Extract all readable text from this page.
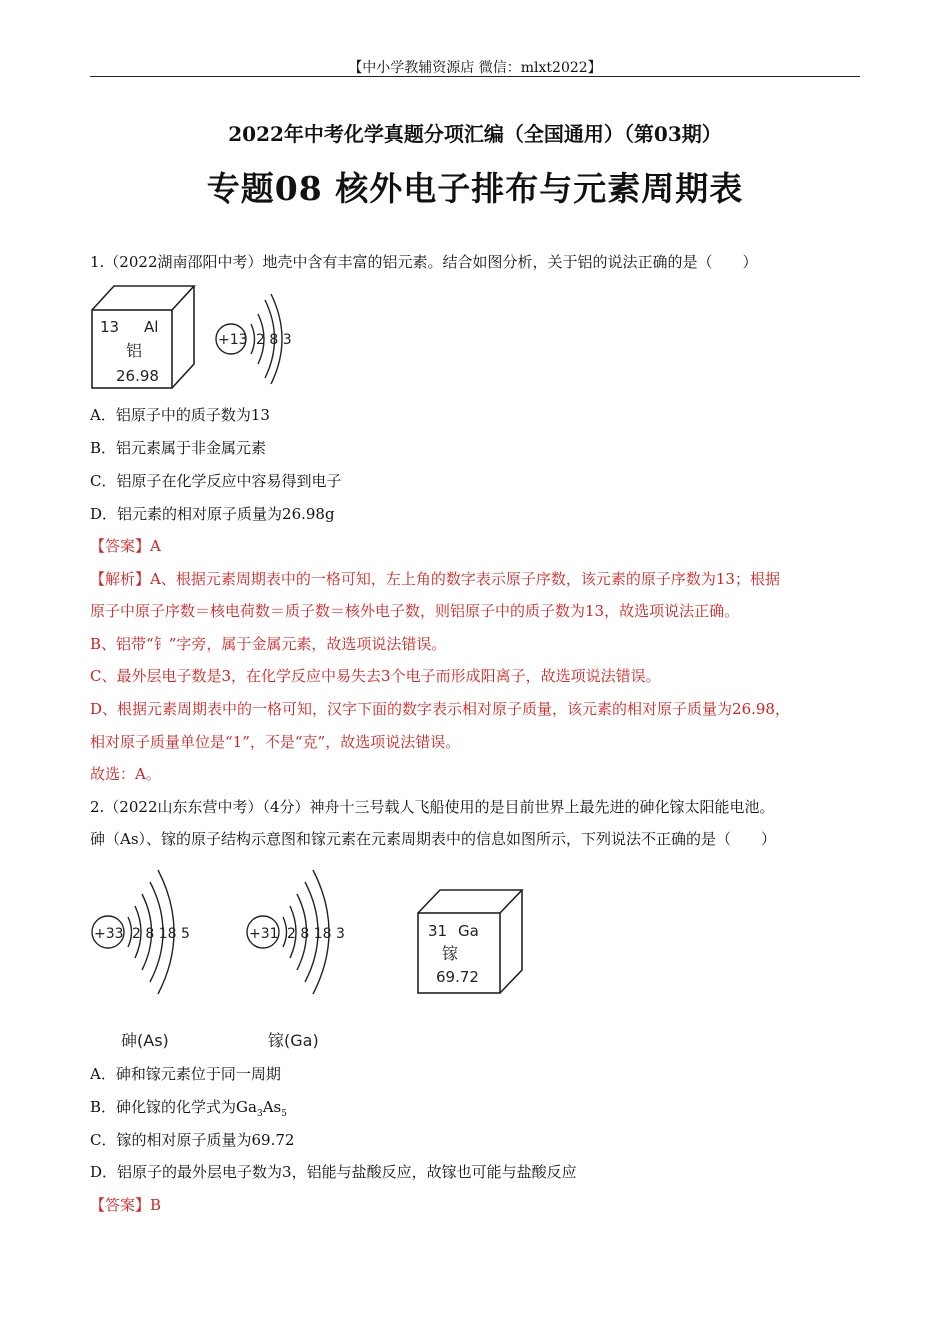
【中小学教辅资源店 微信：mlxt2022】
2022年中考化学真题分项汇编（全国通用）（第03期）
专题08 核外电子排布与元素周期表
1.（2022湖南邵阳中考）地壳中含有丰富的铝元素。结合如图分析，关于铝的说法正确的是（　　）
13 Al
铝
26.98
+13 2 8 3
A．铝原子中的质子数为13
B．铝元素属于非金属元素
C．铝原子在化学反应中容易得到电子
D．铝元素的相对原子质量为26.98g
【答案】A
【解析】A、根据元素周期表中的一格可知，左上角的数字表示原子序数，该元素的原子序数为13；根据
原子中原子序数＝核电荷数＝质子数＝核外电子数，则铝原子中的质子数为13，故选项说法正确。
B、铝带“钅”字旁，属于金属元素，故选项说法错误。
C、最外层电子数是3，在化学反应中易失去3个电子而形成阳离子，故选项说法错误。
D、根据元素周期表中的一格可知，汉字下面的数字表示相对原子质量，该元素的相对原子质量为26.98，
相对原子质量单位是“1”，不是“克”，故选项说法错误。
故选：A。
2.（2022山东东营中考）（4分）神舟十三号载人飞船使用的是目前世界上最先进的砷化镓太阳能电池。
砷（As）、镓的原子结构示意图和镓元素在元素周期表中的信息如图所示，下列说法不正确的是（　　）
+33 2 8 18 5
砷(As)
+31 2 8 18 3
镓(Ga)
31 Ga
镓
69.72
A．砷和镓元素位于同一周期
B．砷化镓的化学式为$Ga_3As_5$
C．镓的相对原子质量为69.72
D．铝原子的最外层电子数为3，铝能与盐酸反应，故镓也可能与盐酸反应
【答案】B
